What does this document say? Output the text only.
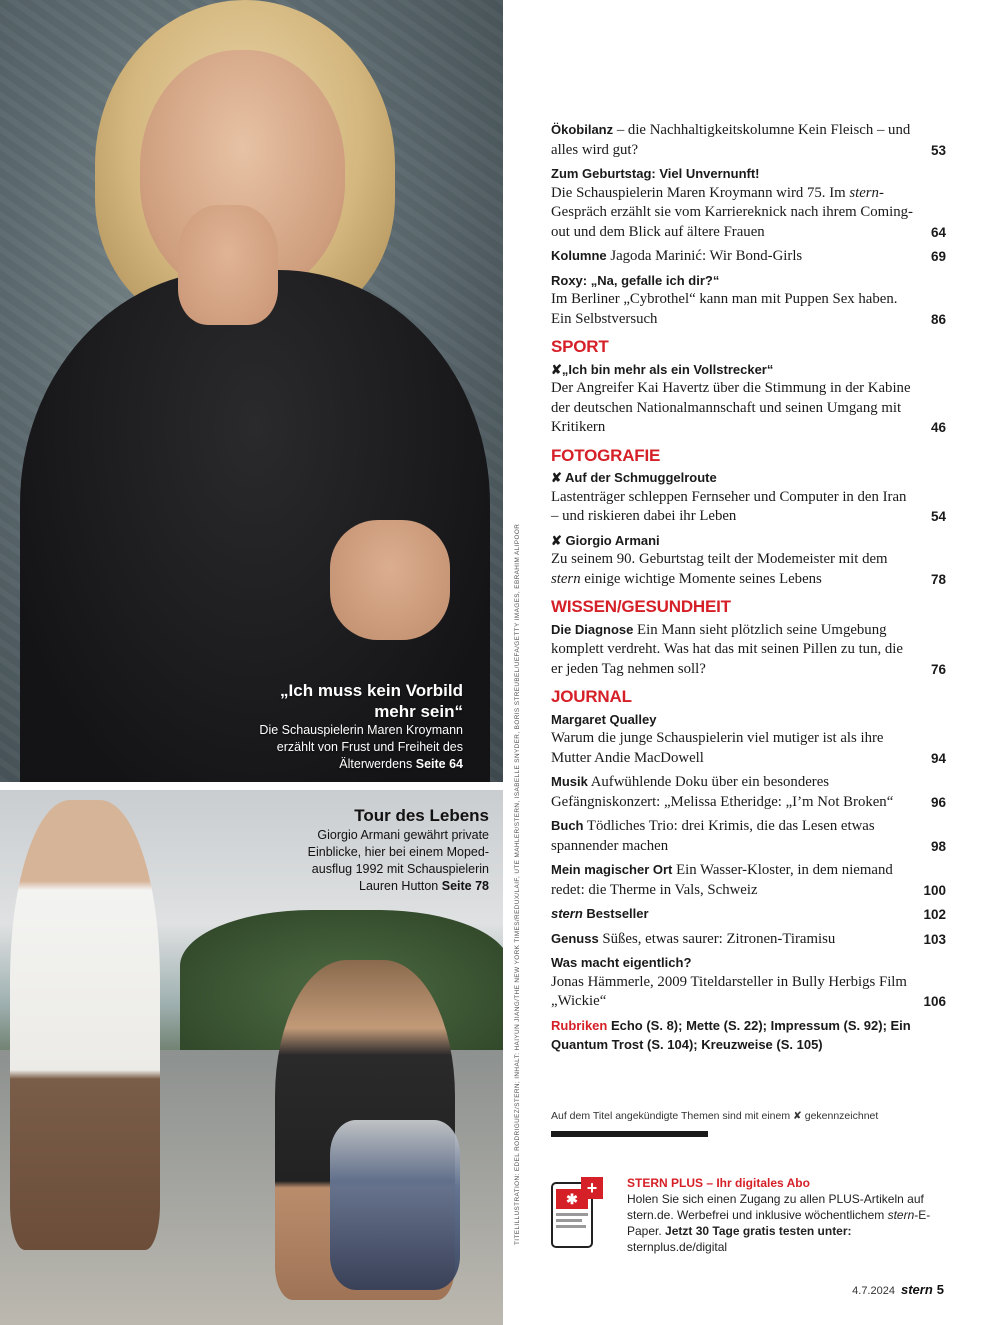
„Ich muss kein Vorbild mehr sein“
Die Schauspielerin Maren Kroymann erzählt von Frust und Freiheit des Älterwerdens Seite 64
Tour des Lebens
Giorgio Armani gewährt private Einblicke, hier bei einem Moped-ausflug 1992 mit Schauspielerin Lauren Hutton Seite 78	TITELILLUSTRATION: EDEL RODRIGUEZ/STERN; INHALT: HAIYUN JIANG/THE NEW YORK TIMES/REDUX/LAIF, UTE MAHLER/STERN, ISABELLE SNYDER, BORIS STREUBEL/UEFA/GETTY IMAGES, EBRAHIM ALIPOOR
Ökobilanz – die Nachhaltigkeitskolumne Kein Fleisch – und alles wird gut?	53
Zum Geburtstag: Viel Unvernunft!
Die Schauspielerin Maren Kroymann wird 75. Im stern-Gespräch erzählt sie vom Karriereknick nach ihrem Coming-out und dem Blick auf ältere Frauen	64
Kolumne Jagoda Marinić: Wir Bond-Girls	69
Roxy: „Na, gefalle ich dir?“
Im Berliner „Cybrothel“ kann man mit Puppen Sex haben. Ein Selbstversuch	86
SPORT
✘„Ich bin mehr als ein Vollstrecker“
Der Angreifer Kai Havertz über die Stimmung in der Kabine der deutschen Nationalmannschaft und seinen Umgang mit Kritikern	46
FOTOGRAFIE
✘ Auf der Schmuggelroute
Lastenträger schleppen Fernseher und Computer in den Iran – und riskieren dabei ihr Leben	54
✘ Giorgio Armani
Zu seinem 90. Geburtstag teilt der Modemeister mit dem stern einige wichtige Momente seines Lebens	78
WISSEN/GESUNDHEIT
Die Diagnose Ein Mann sieht plötzlich seine Umgebung komplett verdreht. Was hat das mit seinen Pillen zu tun, die er jeden Tag nehmen soll?	76
JOURNAL
Margaret Qualley
Warum die junge Schauspielerin viel mutiger ist als ihre Mutter Andie MacDowell	94
Musik Aufwühlende Doku über ein besonderes Gefängniskonzert: „Melissa Etheridge: „I’m Not Broken“	96
Buch Tödliches Trio: drei Krimis, die das Lesen etwas spannender machen	98
Mein magischer Ort Ein Wasser-Kloster, in dem niemand redet: die Therme in Vals, Schweiz	100
stern Bestseller	102
Genuss Süßes, etwas saurer: Zitronen-Tiramisu	103
Was macht eigentlich?
Jonas Hämmerle, 2009 Titeldarsteller in Bully Herbigs Film „Wickie“	106
Rubriken Echo (S. 8); Mette (S. 22); Impressum (S. 92); Ein Quantum Trost (S. 104); Kreuzweise (S. 105)
Auf dem Titel angekündigte Themen sind mit einem ✘ gekennzeichnet
✱
+ STERN PLUS – Ihr digitales Abo
Holen Sie sich einen Zugang zu allen PLUS-Artikeln auf stern.de. Werbefrei und inklusive wöchentlichem stern-E-Paper. Jetzt 30 Tage gratis testen unter:
sternplus.de/digital
4.7.2024 stern 5
